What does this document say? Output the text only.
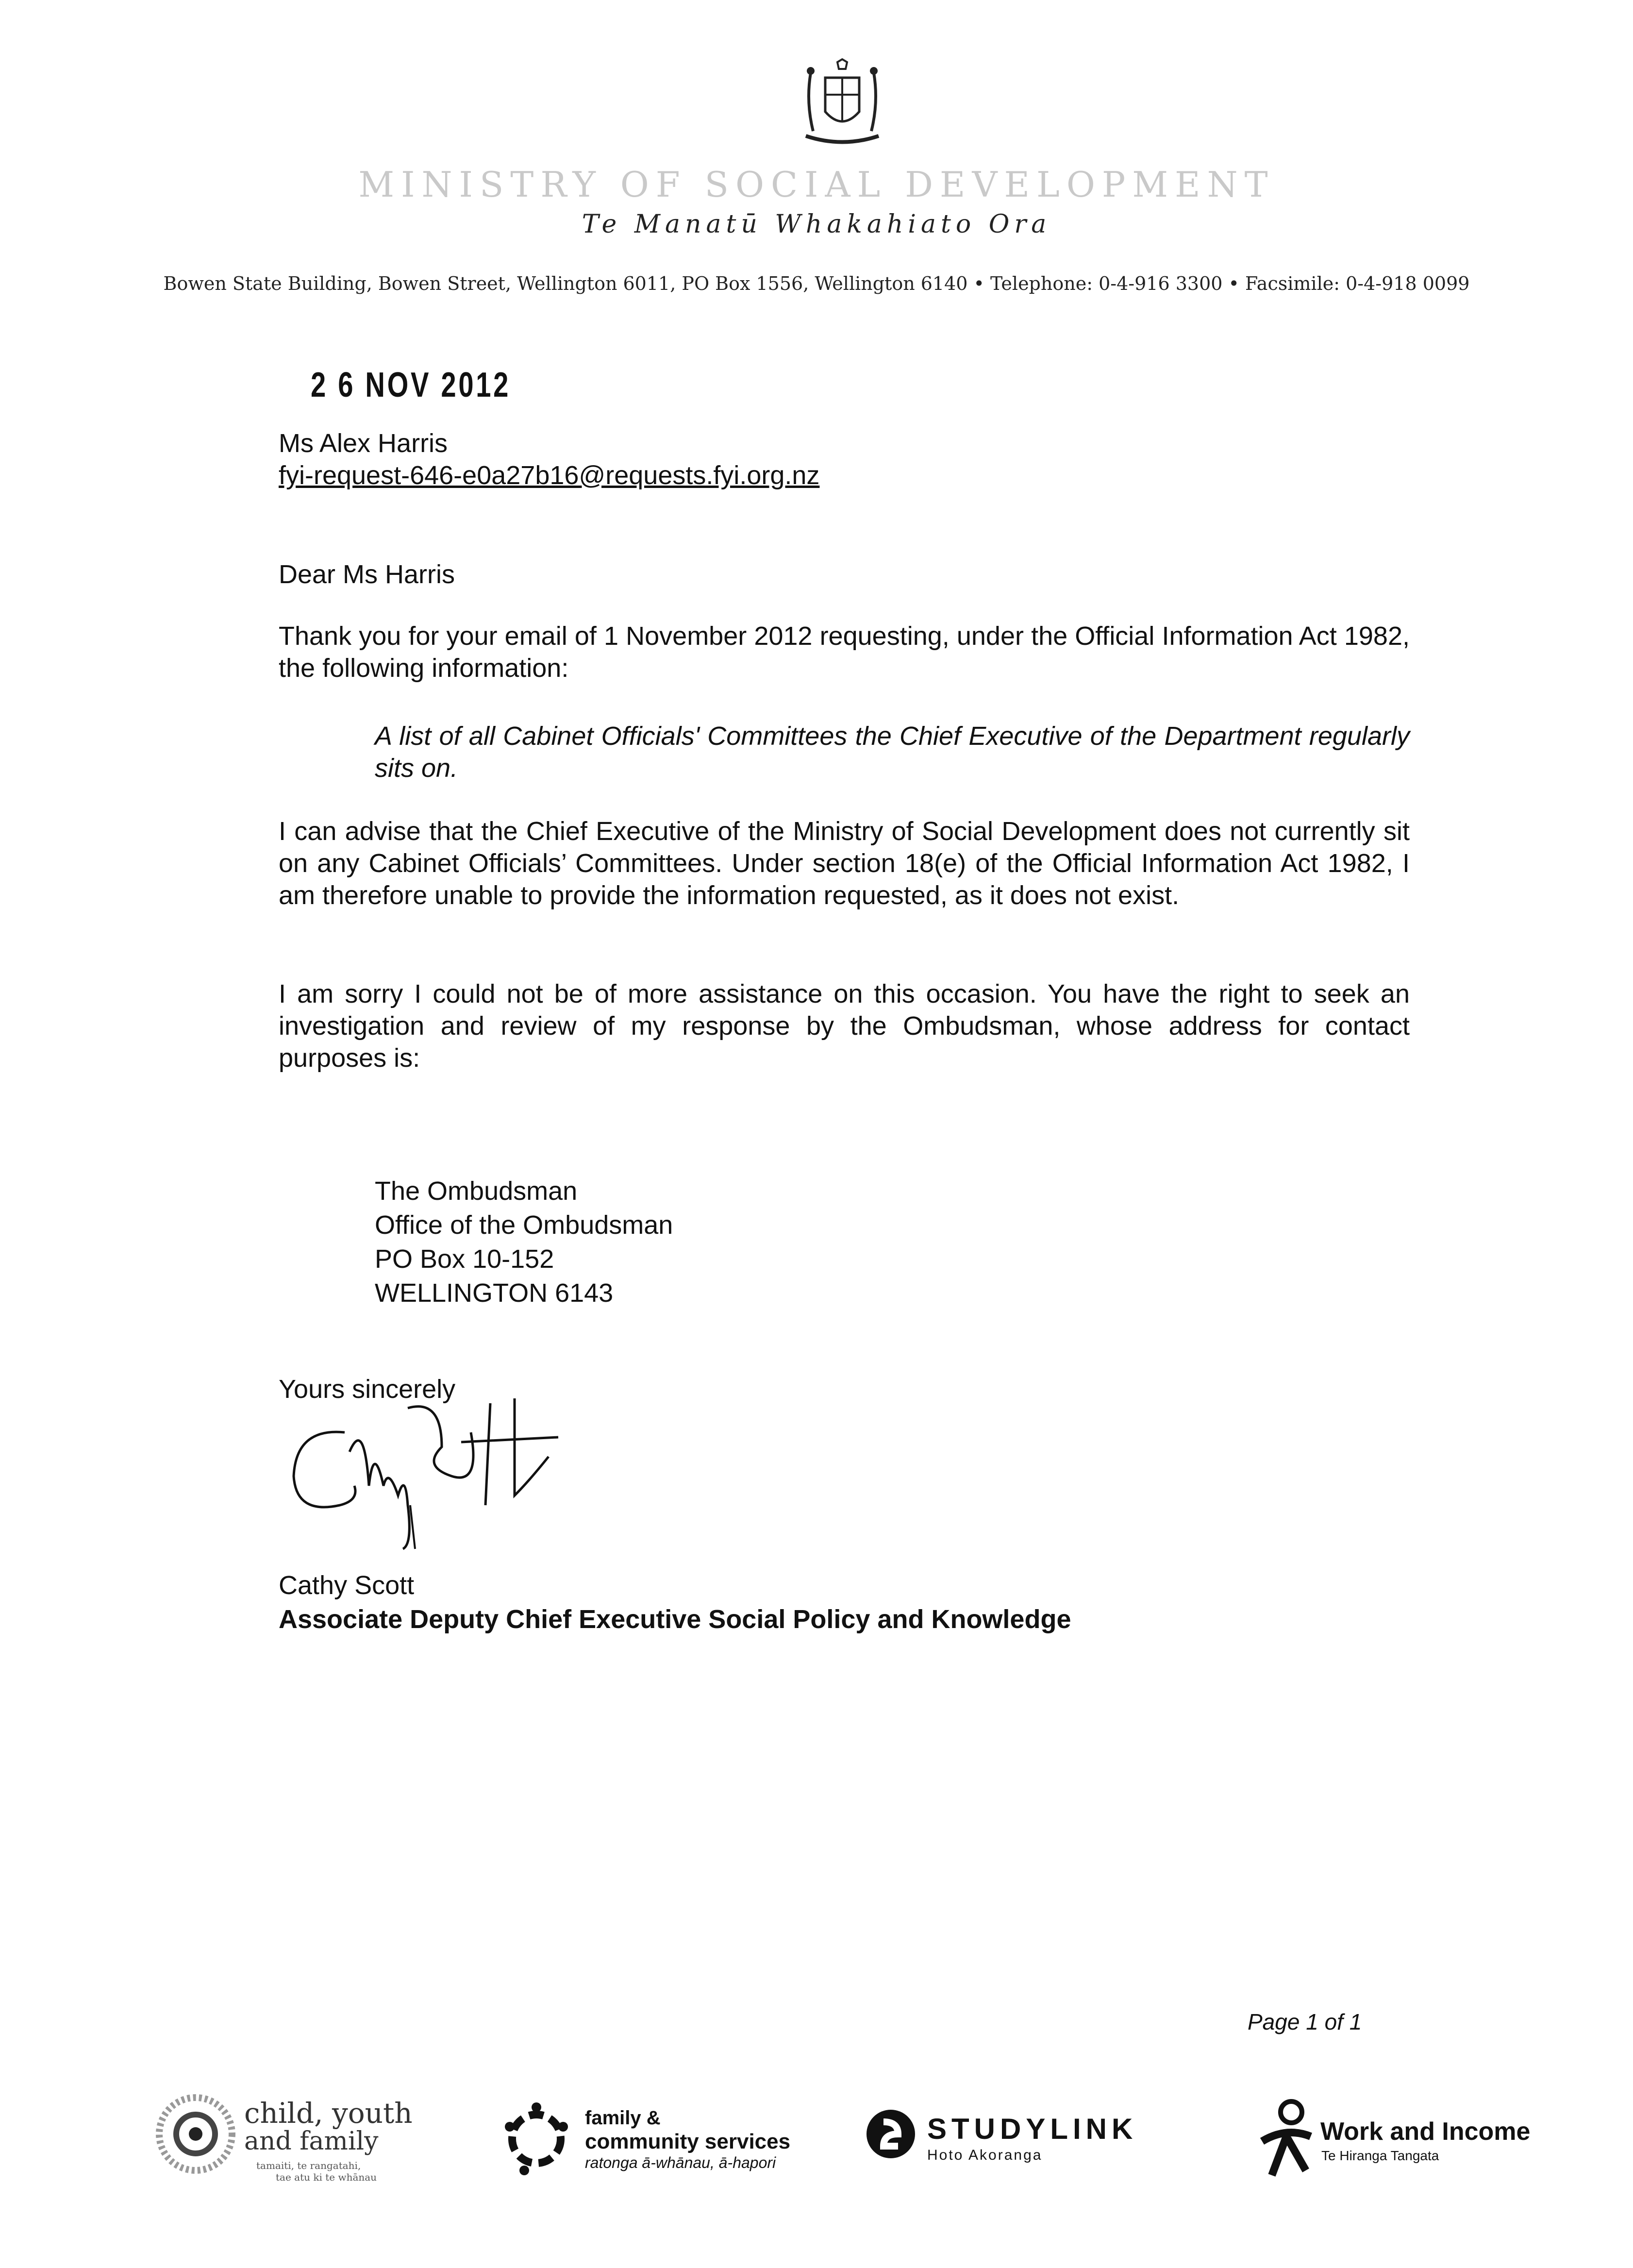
MINISTRY OF SOCIAL DEVELOPMENT
Te Manatū Whakahiato Ora
Bowen State Building, Bowen Street, Wellington 6011, PO Box 1556, Wellington 6140 • Telephone: 0-4-916 3300 • Facsimile: 0-4-918 0099
2 6 NOV 2012
Ms Alex Harris
fyi-request-646-e0a27b16@requests.fyi.org.nz
Dear Ms Harris
Thank you for your email of 1 November 2012 requesting, under the Official Information Act 1982, the following information:
A list of all Cabinet Officials' Committees the Chief Executive of the Department regularly sits on.
I can advise that the Chief Executive of the Ministry of Social Development does not currently sit on any Cabinet Officials’ Committees. Under section 18(e) of the Official Information Act 1982, I am therefore unable to provide the information requested, as it does not exist.
I am sorry I could not be of more assistance on this occasion. You have the right to seek an investigation and review of my response by the Ombudsman, whose address for contact purposes is:
The Ombudsman
Office of the Ombudsman
PO Box 10-152
WELLINGTON 6143
Yours sincerely
Cathy Scott
Associate Deputy Chief Executive Social Policy and Knowledge
Page 1 of 1
child, youth
and family
tamaiti, te rangatahi,
tae atu ki te whānau
family &
community services
ratonga ā-whānau, ā-hapori
STUDYLINK
Hoto Akoranga
Work and Income
Te Hiranga Tangata
